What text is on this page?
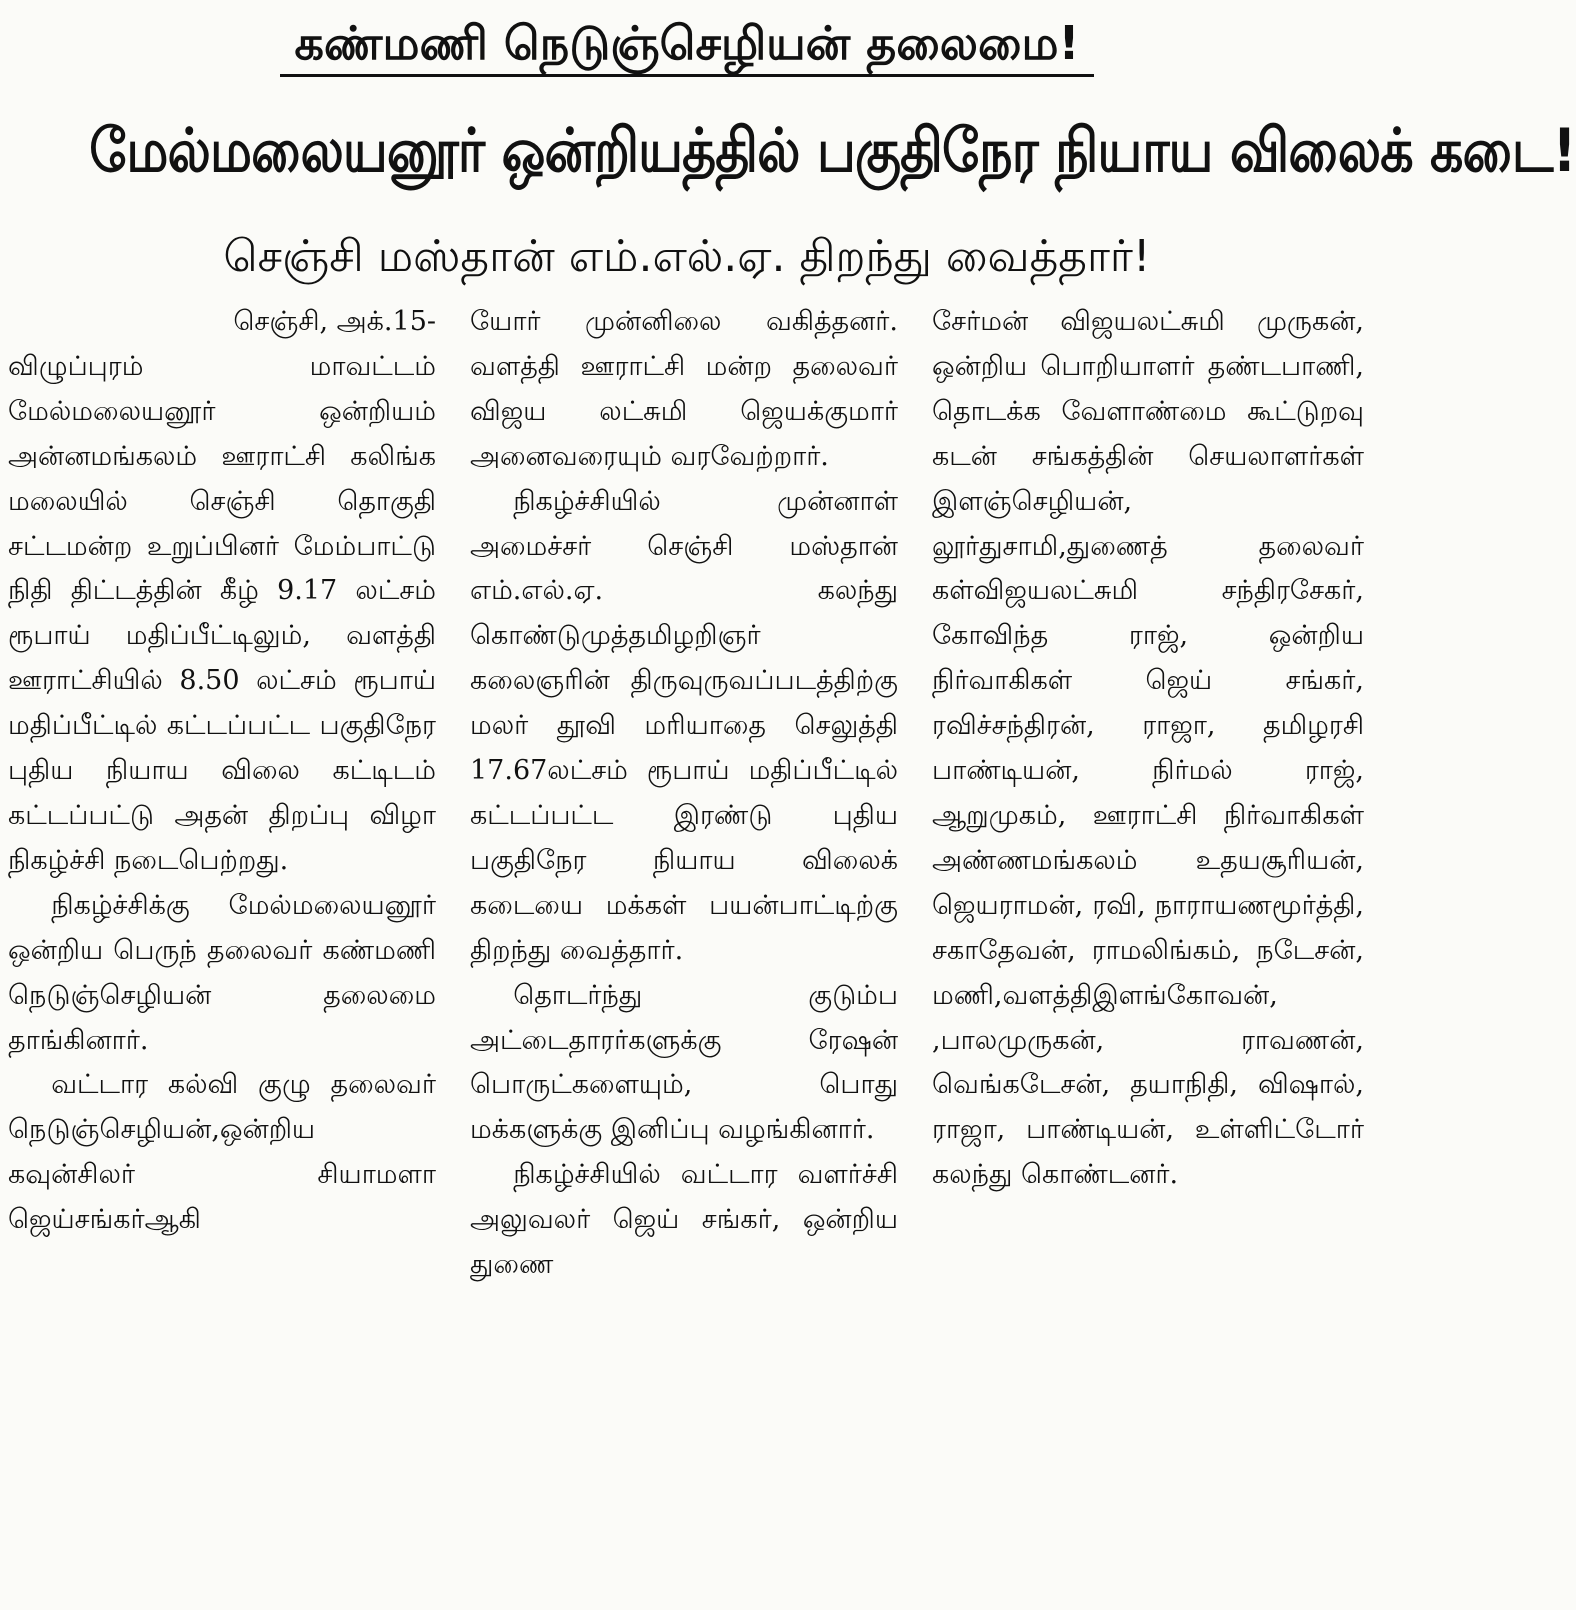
கண்மணி நெடுஞ்செழியன் தலைமை!
மேல்மலையனூர் ஒன்றியத்தில் பகுதிநேர நியாய விலைக் கடை!
செஞ்சி மஸ்தான் எம்.எல்.ஏ. திறந்து வைத்தார்!
செஞ்சி, அக்.15-

விழுப்புரம் மாவட்டம் மேல்மலையனூர் ஒன்றியம் அன்னமங்கலம் ஊராட்சி கலிங்க மலையில் செஞ்சி தொகுதி சட்டமன்ற உறுப்பினர் மேம்பாட்டு நிதி திட்டத்தின் கீழ் 9.17 லட்சம் ரூபாய் மதிப்பீட்டிலும், வளத்தி ஊராட்சியில் 8.50 லட்சம் ரூபாய் மதிப்பீட்டில் கட்டப்பட்ட பகுதிநேர புதிய நியாய விலை கட்டிடம் கட்டப்பட்டு அதன் திறப்பு விழா நிகழ்ச்சி நடைபெற்றது.

நிகழ்ச்சிக்கு மேல்மலையனூர் ஒன்றிய பெருந் தலைவர் கண்மணி நெடுஞ்செழியன் தலைமை தாங்கினார்.

வட்டார கல்வி குழு தலைவர் நெடுஞ்செழியன்,ஒன்றிய கவுன்சிலர் சியாமளா ஜெய்சங்கர்ஆகி

யோர் முன்னிலை வகித்தனர். வளத்தி ஊராட்சி மன்ற தலைவர் விஜய லட்சுமி ஜெயக்குமார் அனைவரையும் வரவேற்றார்.

நிகழ்ச்சியில் முன்னாள் அமைச்சர் செஞ்சி மஸ்தான் எம்.எல்.ஏ. கலந்து கொண்டுமுத்தமிழறிஞர் கலைஞரின் திருவுருவப்படத்திற்கு மலர் தூவி மரியாதை செலுத்தி 17.67லட்சம் ரூபாய் மதிப்பீட்டில் கட்டப்பட்ட இரண்டு புதிய பகுதிநேர நியாய விலைக் கடையை மக்கள் பயன்பாட்டிற்கு திறந்து வைத்தார்.

தொடர்ந்து குடும்ப அட்டைதாரர்களுக்கு ரேஷன் பொருட்களையும், பொது மக்களுக்கு இனிப்பு வழங்கினார்.

நிகழ்ச்சியில் வட்டார வளர்ச்சி அலுவலர் ஜெய் சங்கர், ஒன்றிய துணை

சேர்மன் விஜயலட்சுமி முருகன், ஒன்றிய பொறியாளர் தண்டபாணி, தொடக்க வேளாண்மை கூட்டுறவு கடன் சங்கத்தின் செயலாளர்கள் இளஞ்செழியன், லூர்துசாமி,துணைத் தலைவர் கள்விஜயலட்சுமி சந்திரசேகர், கோவிந்த ராஜ், ஒன்றிய நிர்வாகிகள் ஜெய் சங்கர், ரவிச்சந்திரன், ராஜா, தமிழரசி பாண்டியன், நிர்மல் ராஜ், ஆறுமுகம், ஊராட்சி நிர்வாகிகள் அண்ணமங்கலம் உதயசூரியன், ஜெயராமன், ரவி, நாராயணமூர்த்தி, சகாதேவன், ராமலிங்கம், நடேசன், மணி,வளத்திஇளங்கோவன், ,பாலமுருகன், ராவணன், வெங்கடேசன், தயாநிதி, விஷால், ராஜா, பாண்டியன், உள்ளிட்டோர் கலந்து கொண்டனர்.
